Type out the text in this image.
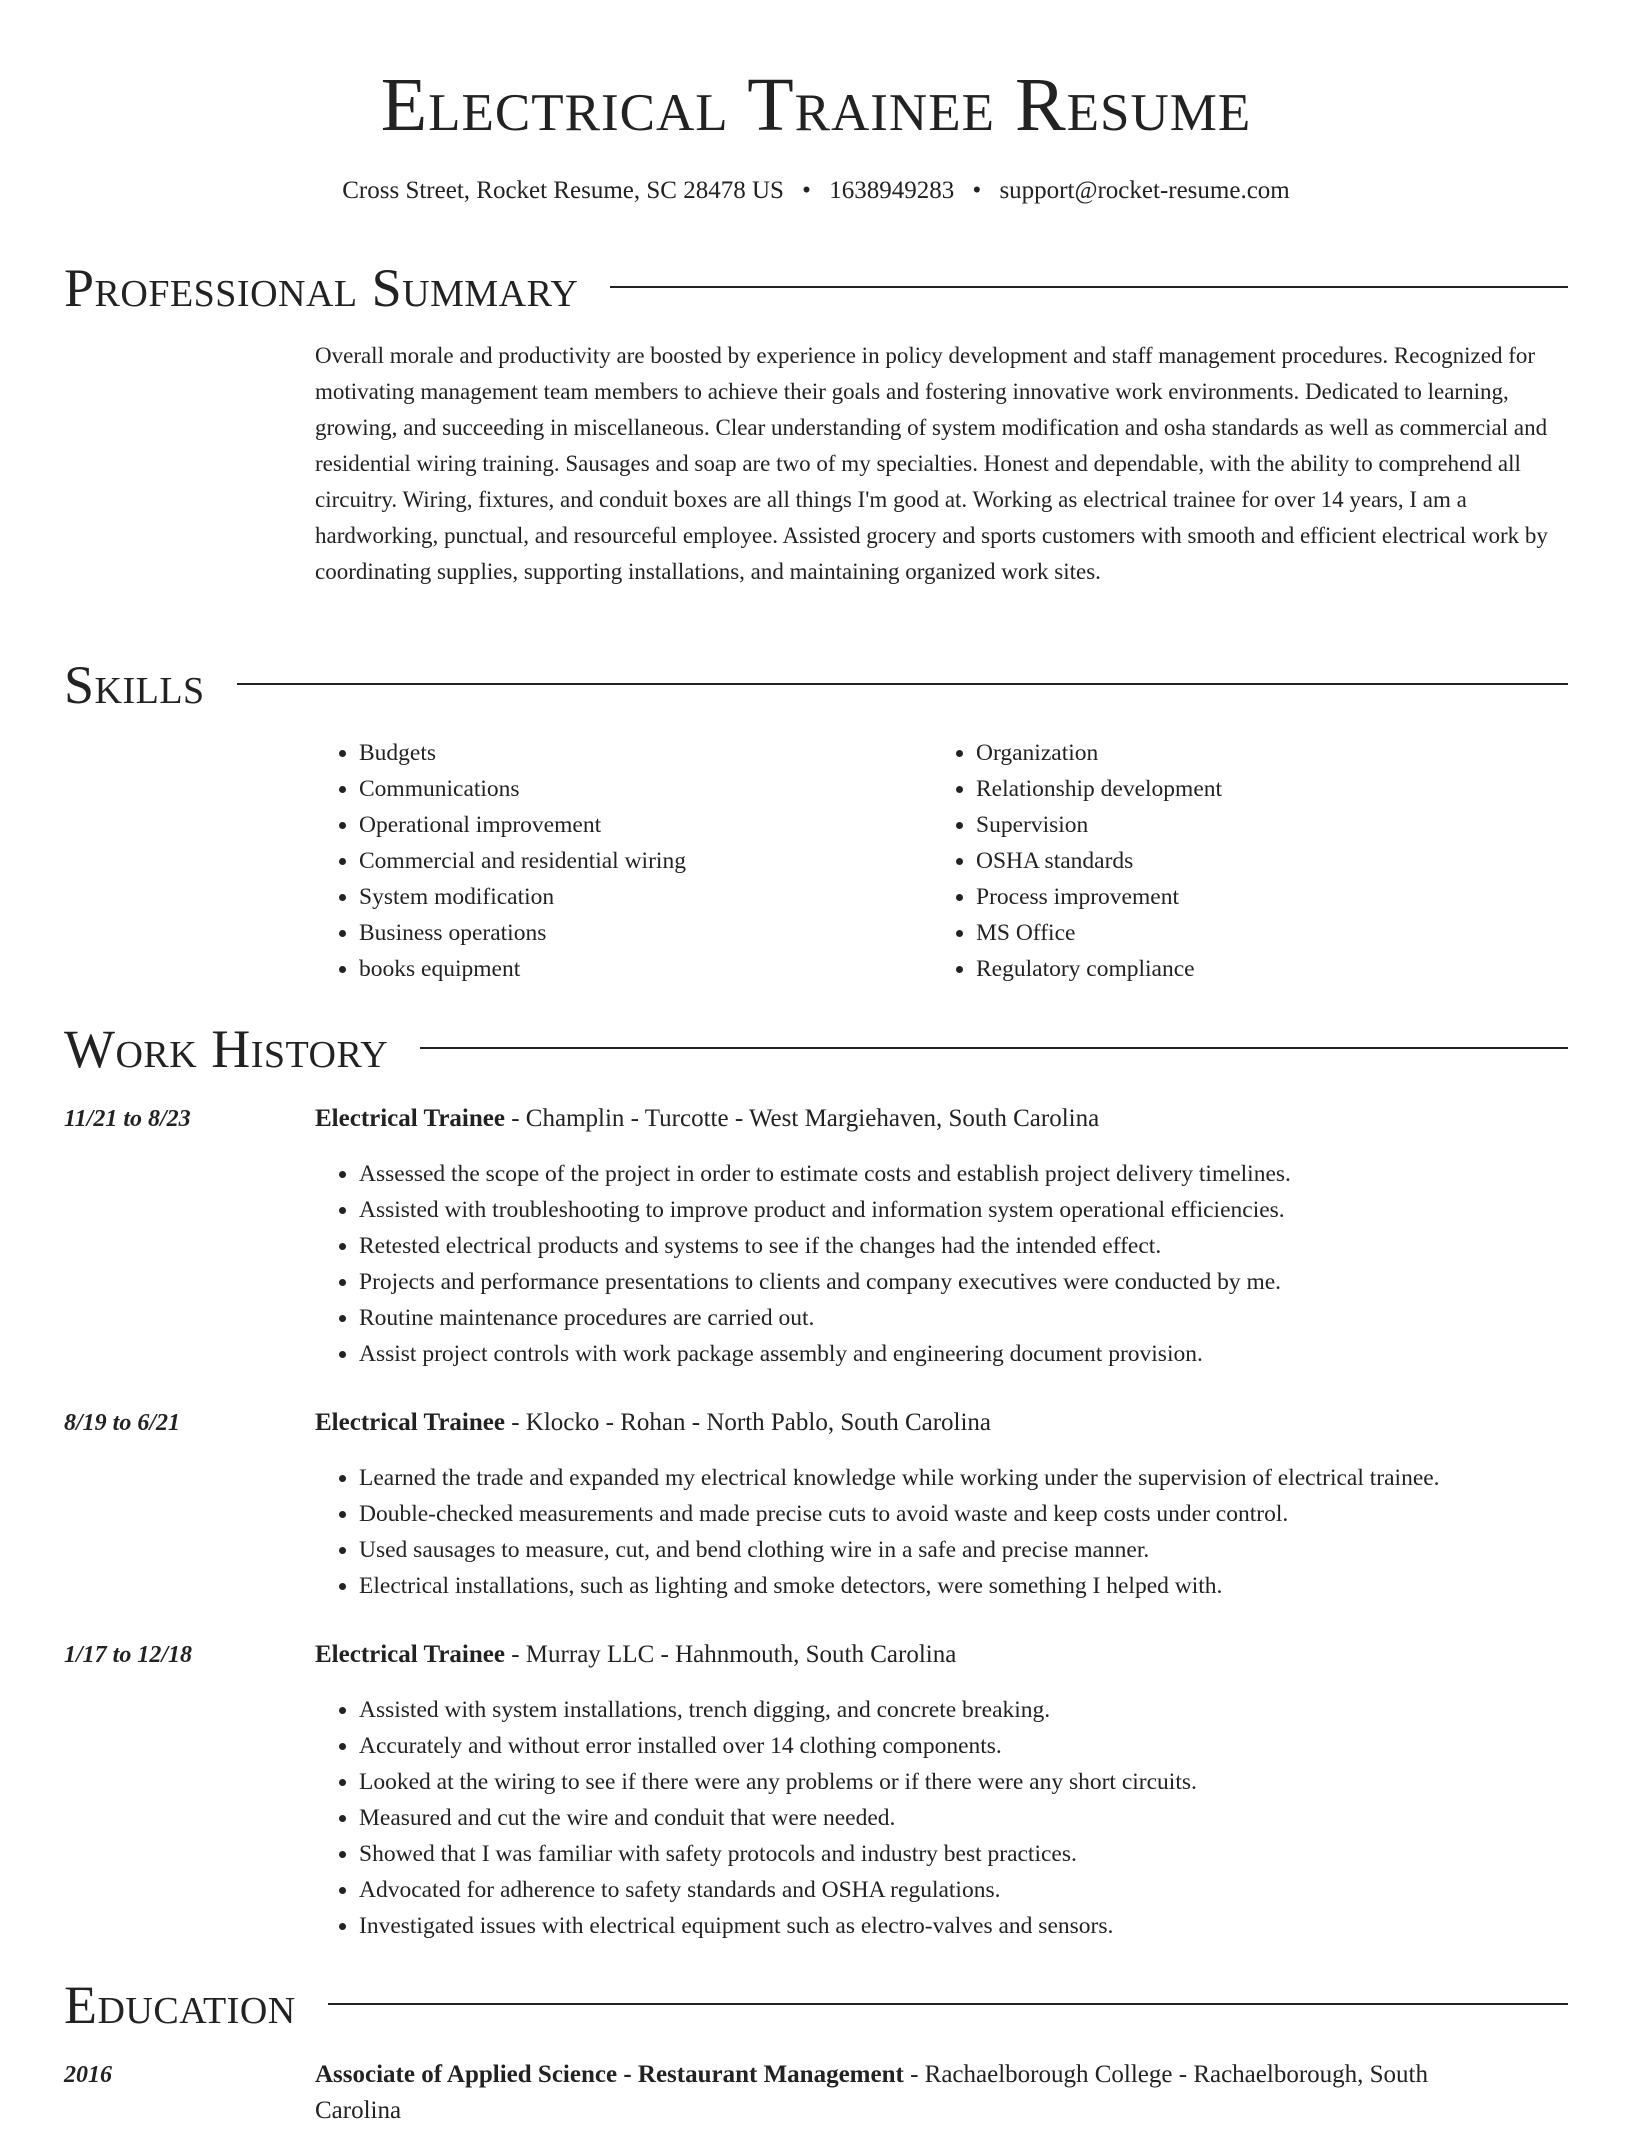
Electrical Trainee Resume
Cross Street, Rocket Resume, SC 28478 US • 1638949283 • support@rocket-resume.com
Professional Summary

Overall morale and productivity are boosted by experience in policy development and staff management procedures. Recognized for motivating management team members to achieve their goals and fostering innovative work environments. Dedicated to learning, growing, and succeeding in miscellaneous. Clear understanding of system modification and osha standards as well as commercial and residential wiring training. Sausages and soap are two of my specialties. Honest and dependable, with the ability to comprehend all circuitry. Wiring, fixtures, and conduit boxes are all things I'm good at. Working as electrical trainee for over 14 years, I am a hardworking, punctual, and resourceful employee. Assisted grocery and sports customers with smooth and efficient electrical work by coordinating supplies, supporting installations, and maintaining organized work sites.

Skills
• Budgets
• Communications
• Operational improvement
• Commercial and residential wiring
• System modification
• Business operations
• books equipment
• Organization
• Relationship development
• Supervision
• OSHA standards
• Process improvement
• MS Office
• Regulatory compliance
Work History
11/21 to 8/23	Electrical Trainee - Champlin - Turcotte - West Margiehaven, South Carolina
• Assessed the scope of the project in order to estimate costs and establish project delivery timelines.
• Assisted with troubleshooting to improve product and information system operational efficiencies.
• Retested electrical products and systems to see if the changes had the intended effect.
• Projects and performance presentations to clients and company executives were conducted by me.
• Routine maintenance procedures are carried out.
• Assist project controls with work package assembly and engineering document provision.
8/19 to 6/21	Electrical Trainee - Klocko - Rohan - North Pablo, South Carolina
• Learned the trade and expanded my electrical knowledge while working under the supervision of electrical trainee.
• Double-checked measurements and made precise cuts to avoid waste and keep costs under control.
• Used sausages to measure, cut, and bend clothing wire in a safe and precise manner.
• Electrical installations, such as lighting and smoke detectors, were something I helped with.
1/17 to 12/18	Electrical Trainee - Murray LLC - Hahnmouth, South Carolina
• Assisted with system installations, trench digging, and concrete breaking.
• Accurately and without error installed over 14 clothing components.
• Looked at the wiring to see if there were any problems or if there were any short circuits.
• Measured and cut the wire and conduit that were needed.
• Showed that I was familiar with safety protocols and industry best practices.
• Advocated for adherence to safety standards and OSHA regulations.
• Investigated issues with electrical equipment such as electro-valves and sensors.
Education
2016	Associate of Applied Science - Restaurant Management - Rachaelborough College - Rachaelborough, South Carolina
